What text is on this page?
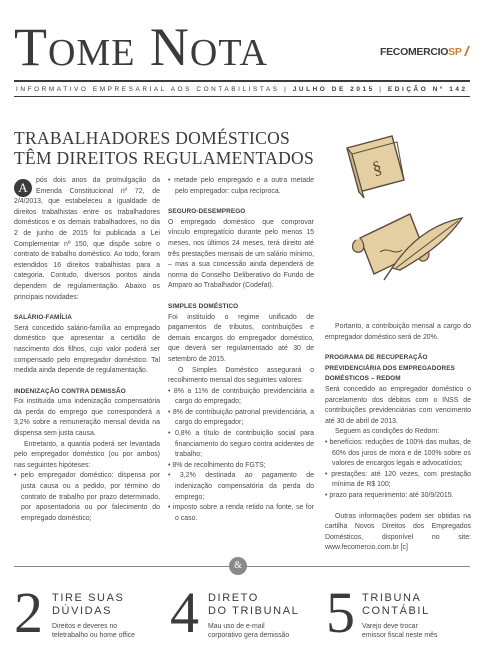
Tome Nota	FECOMERCIOSP
INFORMATIVO EMPRESARIAL AOS CONTABILISTAS | JULHO DE 2015 | EDIÇÃO Nº 142
TRABALHADORES DOMÉSTICOS
TÊM DIREITOS REGULAMENTADOS	§
A	pós dois anos da promulgação da Emenda Constitucional nº 72, de 2/4/2013, que estabeleceu a igualdade de direitos trabalhistas entre os trabalhadores domésticos e os demais trabalhadores, no dia 2 de junho de 2015 foi publicada a Lei Complementar nº 150, que dispõe sobre o contrato de trabalho doméstico. Ao todo, foram estendidos 16 direitos trabalhistas para a categoria. Contudo, diversos pontos ainda dependem de regulamentação. Abaixo os principais novidades:

SALÁRIO-FAMÍLIA

Será concedido salário-família ao empregado doméstico que apresentar a certidão de nascimento dos filhos, cujo valor poderá ser compensado pelo empregador doméstico. Tal medida ainda depende de regulamentação.

INDENIZAÇÃO CONTRA DEMISSÃO

Foi instituída uma indenização compensatória da perda do emprego que corresponderá a 3,2% sobre a remuneração mensal devida na dispensa sem justa causa.

Entretanto, a quantia poderá ser levantada pelo empregador doméstico (ou por ambos) nas seguintes hipóteses:

• pelo empregador doméstico: dispensa por justa causa ou a pedido, por término do contrato de trabalho por prazo determinado, por aposentadoria ou por falecimento do empregado doméstico;

• metade pelo empregado e a outra metade pelo empregador: culpa recíproca.

SEGURO-DESEMPREGO

O empregado doméstico que comprovar vínculo empregatício durante pelo menos 15 meses, nos últimos 24 meses, terá direito até três prestações mensais de um salário mínimo, – mas a sua concessão ainda dependerá de norma do Conselho Deliberativo do Fundo de Amparo ao Trabalhador (Codefat).

SIMPLES DOMÉSTICO

Foi instituído o regime unificado de pagamentos de tributos, contribuições e demais encargos do empregador doméstico, que deverá ser regulamentado até 30 de setembro de 2015.

O Simples Doméstico assegurará o recolhimento mensal dos seguintes valores:

• 8% a 11% de contribuição previdenciária a cargo do empregado;

• 8% de contribuição patronal previdenciária, a cargo do empregador;

• 0,8% a título de contribuição social para financiamento do seguro contra acidentes de trabalho;

• 8% de recolhimento do FGTS;

• 3,2% destinada ao pagamento de indenização compensatória da perda do emprego;

• imposto sobre a renda retido na fonte, se for o caso.

Portanto, a contribuição mensal a cargo do empregador doméstico será de 20%.

PROGRAMA DE RECUPERAÇÃO PREVIDENCIÁRIA DOS EMPREGADORES DOMÉSTICOS – REDOM

Será concedido ao empregador doméstico o parcelamento dos débitos com o INSS de contribuições previdenciárias com vencimento até 30 de abril de 2013.

Seguem as condições do Redom:

• benefícios: reduções de 100% das multas, de 60% dos juros de mora e de 100% sobre os valores de encargos legais e advocatícios;

• prestações: até 120 vezes, com prestação mínima de R$ 100;

• prazo para requerimento: até 30/9/2015.

Outras informações podem ser obtidas na cartilha Novos Direitos dos Empregados Domésticos, disponível no site: www.fecomercio.com.br [c]

&
2 TIRE SUAS
DÚVIDAS
Direitos e deveres no
teletrabalho ou home office 4 DIRETO
DO TRIBUNAL
Mau uso de e-mail
corporativo gera demissão 5 TRIBUNA
CONTÁBIL
Varejo deve trocar
emissor fiscal neste mês
